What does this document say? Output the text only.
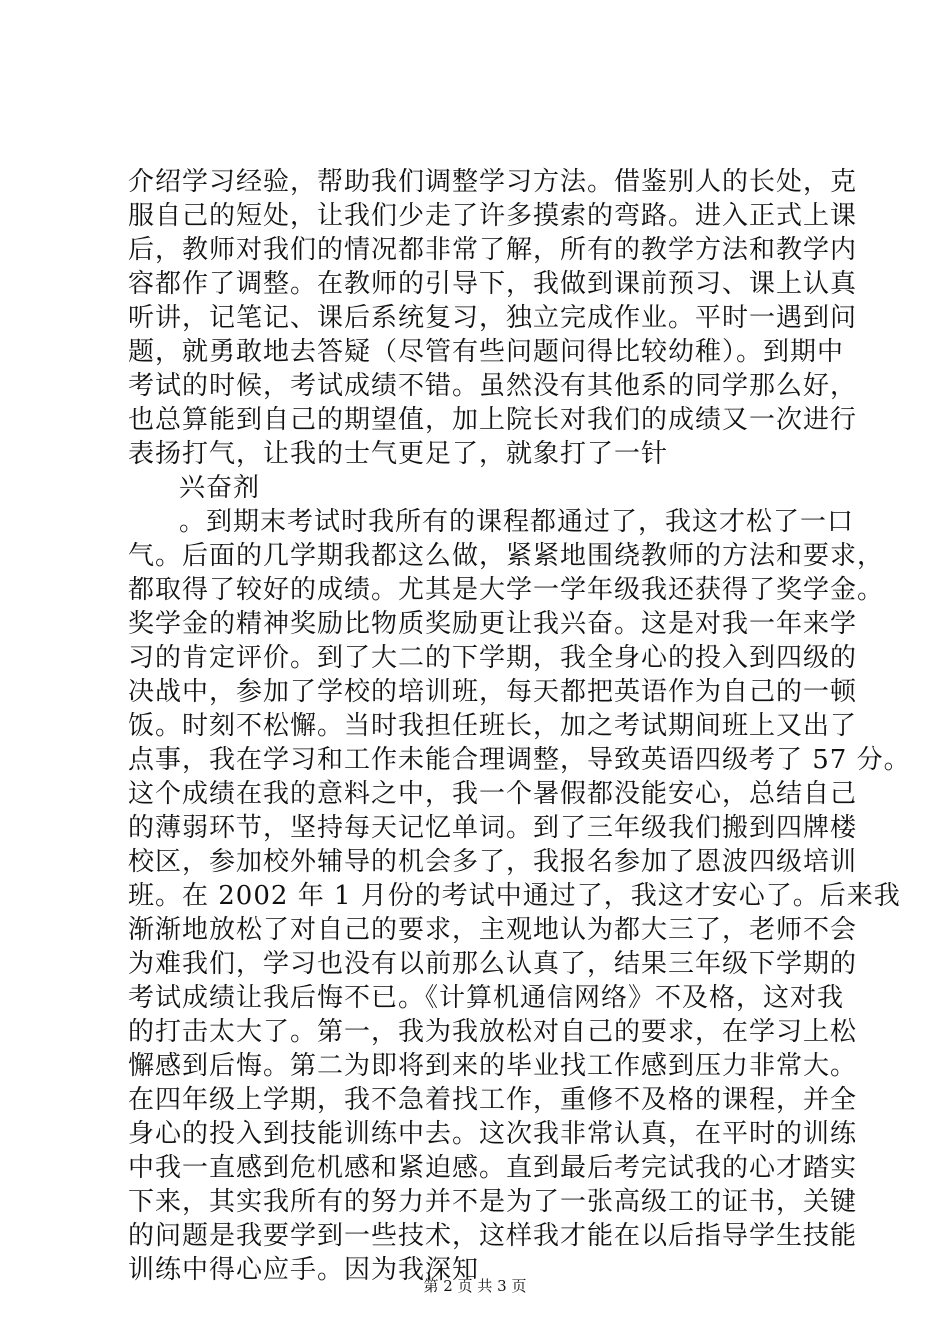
介绍学习经验，帮助我们调整学习方法。借鉴别人的长处，克
服自己的短处，让我们少走了许多摸索的弯路。进入正式上课
后，教师对我们的情况都非常了解，所有的教学方法和教学内
容都作了调整。在教师的引导下，我做到课前预习、课上认真
听讲，记笔记、课后系统复习，独立完成作业。平时一遇到问
题，就勇敢地去答疑（尽管有些问题问得比较幼稚）。到期中
考试的时候，考试成绩不错。虽然没有其他系的同学那么好，
也总算能到自己的期望值，加上院长对我们的成绩又一次进行
表扬打气，让我的士气更足了，就象打了一针
兴奋剂
。到期末考试时我所有的课程都通过了，我这才松了一口
气。后面的几学期我都这么做，紧紧地围绕教师的方法和要求，
都取得了较好的成绩。尤其是大学一学年级我还获得了奖学金。
奖学金的精神奖励比物质奖励更让我兴奋。这是对我一年来学
习的肯定评价。到了大二的下学期，我全身心的投入到四级的
决战中，参加了学校的培训班，每天都把英语作为自己的一顿
饭。时刻不松懈。当时我担任班长，加之考试期间班上又出了
点事，我在学习和工作未能合理调整，导致英语四级考了 57 分。
这个成绩在我的意料之中，我一个暑假都没能安心，总结自己
的薄弱环节，坚持每天记忆单词。到了三年级我们搬到四牌楼
校区，参加校外辅导的机会多了，我报名参加了恩波四级培训
班。在 2002 年 1 月份的考试中通过了，我这才安心了。后来我
渐渐地放松了对自己的要求，主观地认为都大三了，老师不会
为难我们，学习也没有以前那么认真了，结果三年级下学期的
考试成绩让我后悔不已。《计算机通信网络》不及格，这对我
的打击太大了。第一，我为我放松对自己的要求，在学习上松
懈感到后悔。第二为即将到来的毕业找工作感到压力非常大。
在四年级上学期，我不急着找工作，重修不及格的课程，并全
身心的投入到技能训练中去。这次我非常认真，在平时的训练
中我一直感到危机感和紧迫感。直到最后考完试我的心才踏实
下来，其实我所有的努力并不是为了一张高级工的证书，关键
的问题是我要学到一些技术，这样我才能在以后指导学生技能
训练中得心应手。因为我深知
第 2 页 共 3 页
